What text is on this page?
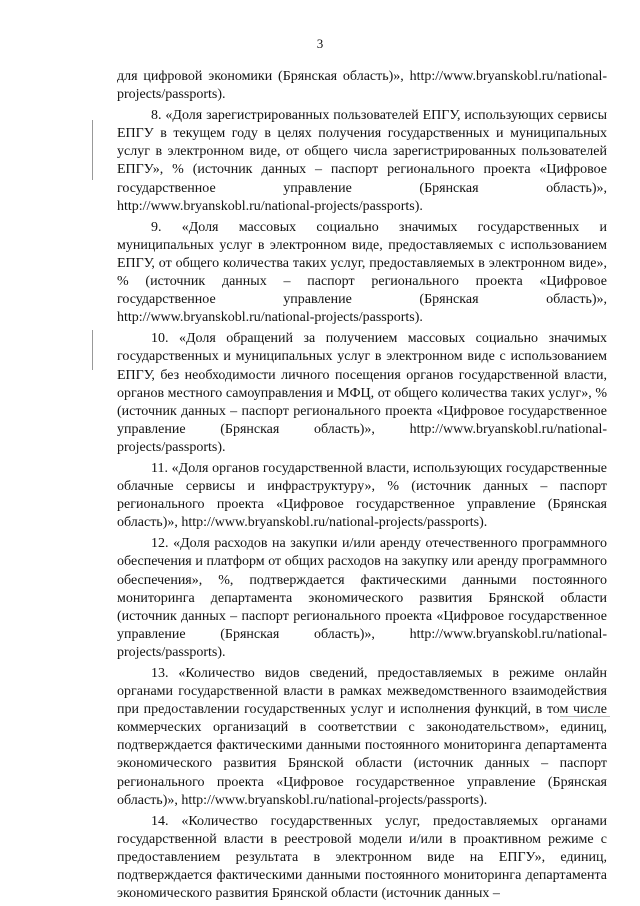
3

для цифровой экономики (Брянская область)», http://www.bryanskobl.ru/national-projects/passports).

8. «Доля зарегистрированных пользователей ЕПГУ, использующих сервисы ЕПГУ в текущем году в целях получения государственных и муниципальных услуг в электронном виде, от общего числа зарегистрированных пользователей ЕПГУ», % (источник данных – паспорт регионального проекта «Цифровое государственное управление (Брянская область)», http://www.bryanskobl.ru/national-projects/passports).

9. «Доля массовых социально значимых государственных и муниципальных услуг в электронном виде, предоставляемых с использованием ЕПГУ, от общего количества таких услуг, предоставляемых в электронном виде», % (источник данных – паспорт регионального проекта «Цифровое государственное управление (Брянская область)», http://www.bryanskobl.ru/national-projects/passports).

10. «Доля обращений за получением массовых социально значимых государственных и муниципальных услуг в электронном виде с использованием ЕПГУ, без необходимости личного посещения органов государственной власти, органов местного самоуправления и МФЦ, от общего количества таких услуг», % (источник данных – паспорт регионального проекта «Цифровое государственное управление (Брянская область)», http://www.bryanskobl.ru/national-projects/passports).

11. «Доля органов государственной власти, использующих государственные облачные сервисы и инфраструктуру», % (источник данных – паспорт регионального проекта «Цифровое государственное управление (Брянская область)», http://www.bryanskobl.ru/national-projects/passports).

12. «Доля расходов на закупки и/или аренду отечественного программного обеспечения и платформ от общих расходов на закупку или аренду программного обеспечения», %, подтверждается фактическими данными постоянного мониторинга департамента экономического развития Брянской области (источник данных – паспорт регионального проекта «Цифровое государственное управление (Брянская область)», http://www.bryanskobl.ru/national-projects/passports).

13. «Количество видов сведений, предоставляемых в режиме онлайн органами государственной власти в рамках межведомственного взаимодействия при предоставлении государственных услуг и исполнения функций, в том числе коммерческих организаций в соответствии с законодательством», единиц, подтверждается фактическими данными постоянного мониторинга департамента экономического развития Брянской области (источник данных – паспорт регионального проекта «Цифровое государственное управление (Брянская область)», http://www.bryanskobl.ru/national-projects/passports).

14. «Количество государственных услуг, предоставляемых органами государственной власти в реестровой модели и/или в проактивном режиме с предоставлением результата в электронном виде на ЕПГУ», единиц, подтверждается фактическими данными постоянного мониторинга департамента экономического развития Брянской области (источник данных –
